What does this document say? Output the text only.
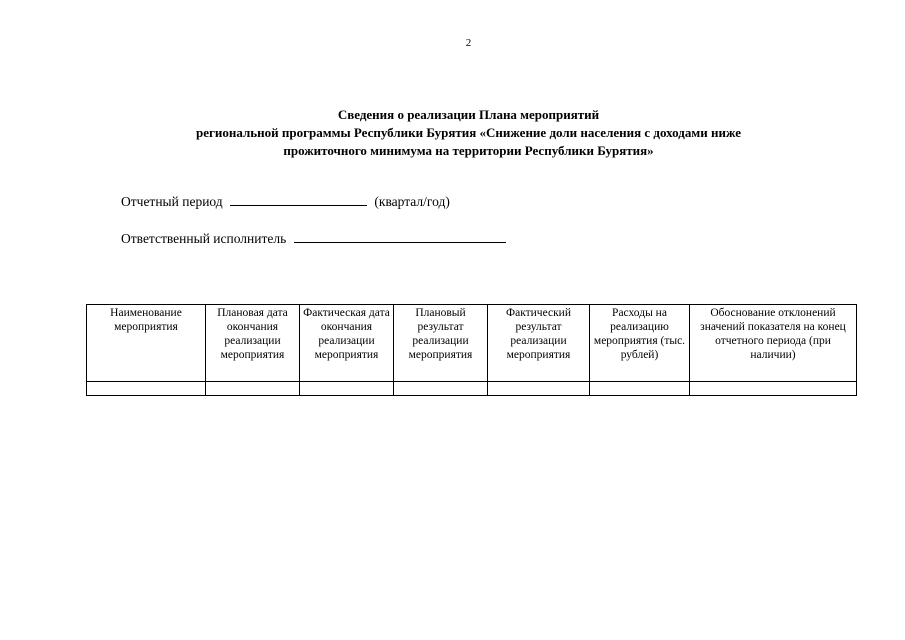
2
Сведения о реализации Плана мероприятий
региональной программы Республики Бурятия «Снижение доли населения с доходами ниже
прожиточного минимума на территории Республики Бурятия»
Отчетный период	(квартал/год)
Ответственный исполнитель
Наименование мероприятия	Плановая дата окончания реализации мероприятия	Фактическая дата окончания реализации мероприятия	Плановый результат реализации мероприятия	Фактический результат реализации мероприятия	Расходы на реализацию мероприятия (тыс. рублей)	Обоснование отклонений значений показателя на конец отчетного периода (при наличии)
